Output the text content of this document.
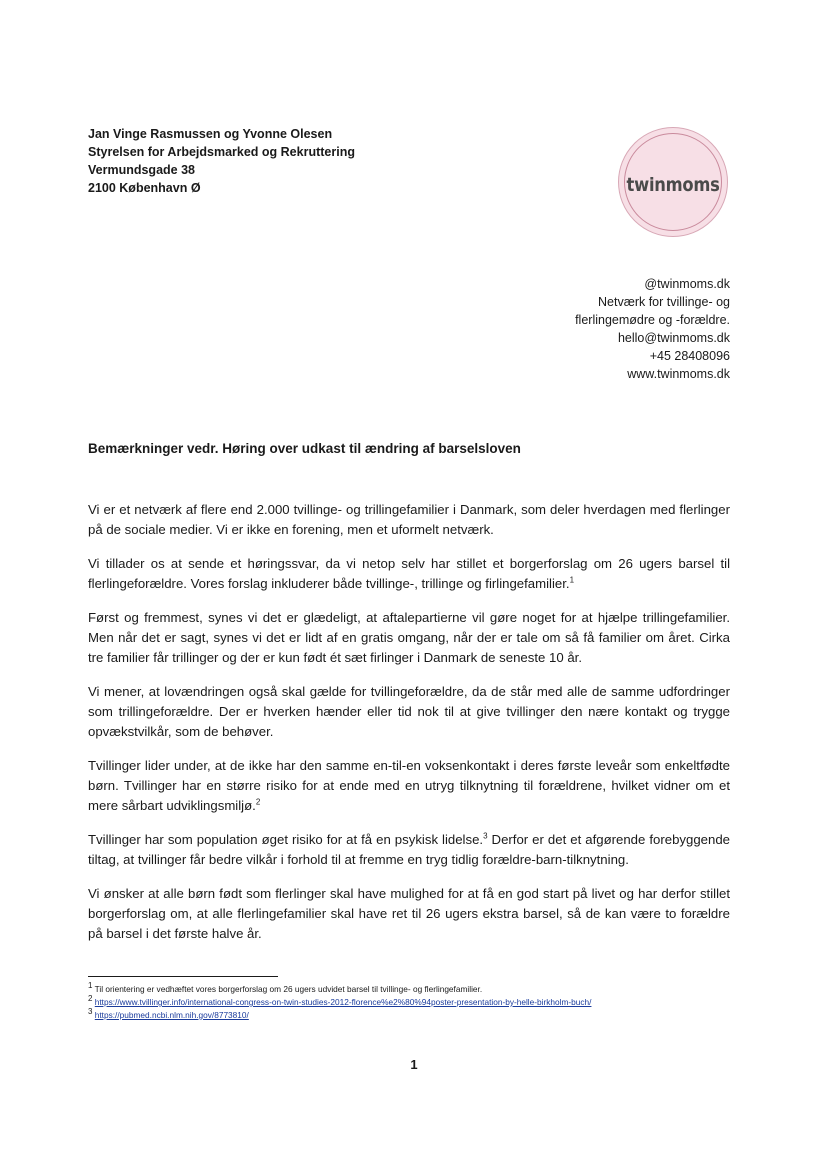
Jan Vinge Rasmussen og Yvonne Olesen
Styrelsen for Arbejdsmarked og Rekruttering
Vermundsgade 38
2100 København Ø	twinmoms
@twinmoms.dk
Netværk for tvillinge- og
flerlingemødre og -forældre.
hello@twinmoms.dk
+45 28408096
www.twinmoms.dk
Bemærkninger vedr. Høring over udkast til ændring af barselsloven

Vi er et netværk af flere end 2.000 tvillinge- og trillingefamilier i Danmark, som deler hverdagen med flerlinger på de sociale medier. Vi er ikke en forening, men et uformelt netværk.

Vi tillader os at sende et høringssvar, da vi netop selv har stillet et borgerforslag om 26 ugers barsel til flerlingeforældre. Vores forslag inkluderer både tvillinge-, trillinge og firlingefamilier.$^1$

Først og fremmest, synes vi det er glædeligt, at aftalepartierne vil gøre noget for at hjælpe trillingefamilier. Men når det er sagt, synes vi det er lidt af en gratis omgang, når der er tale om så få familier om året. Cirka tre familier får trillinger og der er kun født ét sæt firlinger i Danmark de seneste 10 år.

Vi mener, at lovændringen også skal gælde for tvillingeforældre, da de står med alle de samme udfordringer som trillingeforældre. Der er hverken hænder eller tid nok til at give tvillinger den nære kontakt og trygge opvækstvilkår, som de behøver.

Tvillinger lider under, at de ikke har den samme en-til-en voksenkontakt i deres første leveår som enkeltfødte børn. Tvillinger har en større risiko for at ende med en utryg tilknytning til forældrene, hvilket vidner om et mere sårbart udviklingsmiljø.$^2$

Tvillinger har som population øget risiko for at få en psykisk lidelse.$^3$ Derfor er det et afgørende forebyggende tiltag, at tvillinger får bedre vilkår i forhold til at fremme en tryg tidlig forældre-barn-tilknytning.

Vi ønsker at alle børn født som flerlinger skal have mulighed for at få en god start på livet og har derfor stillet borgerforslag om, at alle flerlingefamilier skal have ret til 26 ugers ekstra barsel, så de kan være to forældre på barsel i det første halve år.

$^1$ Til orientering er vedhæftet vores borgerforslag om 26 ugers udvidet barsel til tvillinge- og flerlingefamilier.
$^2$ https://www.tvillinger.info/international-congress-on-twin-studies-2012-florence%e2%80%94poster-presentation-by-helle-birkholm-buch/
$^3$ https://pubmed.ncbi.nlm.nih.gov/8773810/
1
